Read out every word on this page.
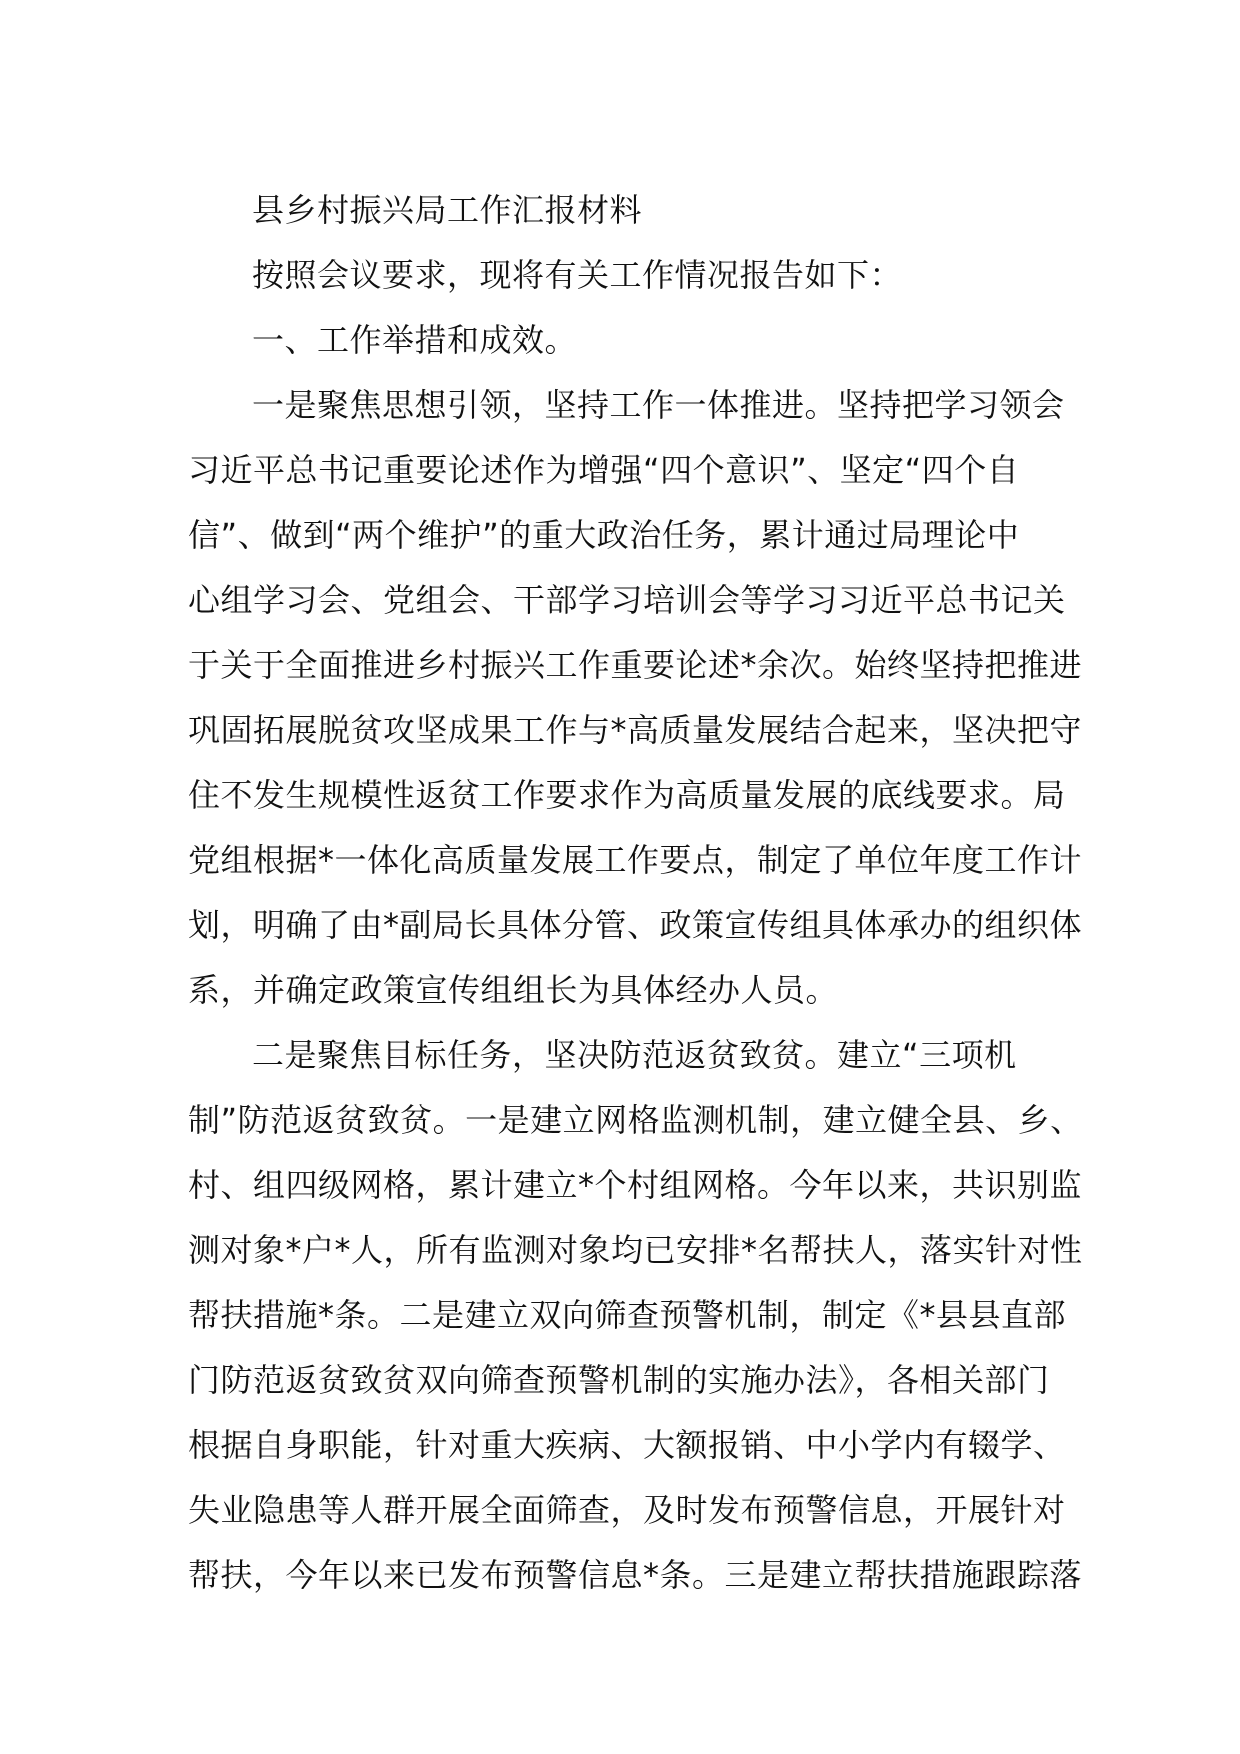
县乡村振兴局工作汇报材料
按照会议要求，现将有关工作情况报告如下：
一、工作举措和成效。
一是聚焦思想引领，坚持工作一体推进。坚持把学习领会
习近平总书记重要论述作为增强“四个意识”、坚定“四个自
信”、做到“两个维护”的重大政治任务，累计通过局理论中
心组学习会、党组会、干部学习培训会等学习习近平总书记关
于关于全面推进乡村振兴工作重要论述*余次。始终坚持把推进
巩固拓展脱贫攻坚成果工作与*高质量发展结合起来，坚决把守
住不发生规模性返贫工作要求作为高质量发展的底线要求。局
党组根据*一体化高质量发展工作要点，制定了单位年度工作计
划，明确了由*副局长具体分管、政策宣传组具体承办的组织体
系，并确定政策宣传组组长为具体经办人员。
二是聚焦目标任务，坚决防范返贫致贫。建立“三项机
制”防范返贫致贫。一是建立网格监测机制，建立健全县、乡、
村、组四级网格，累计建立*个村组网格。今年以来，共识别监
测对象*户*人，所有监测对象均已安排*名帮扶人，落实针对性
帮扶措施*条。二是建立双向筛查预警机制，制定《*县县直部
门防范返贫致贫双向筛查预警机制的实施办法》，各相关部门
根据自身职能，针对重大疾病、大额报销、中小学内有辍学、
失业隐患等人群开展全面筛查，及时发布预警信息，开展针对
帮扶，今年以来已发布预警信息*条。三是建立帮扶措施跟踪落
